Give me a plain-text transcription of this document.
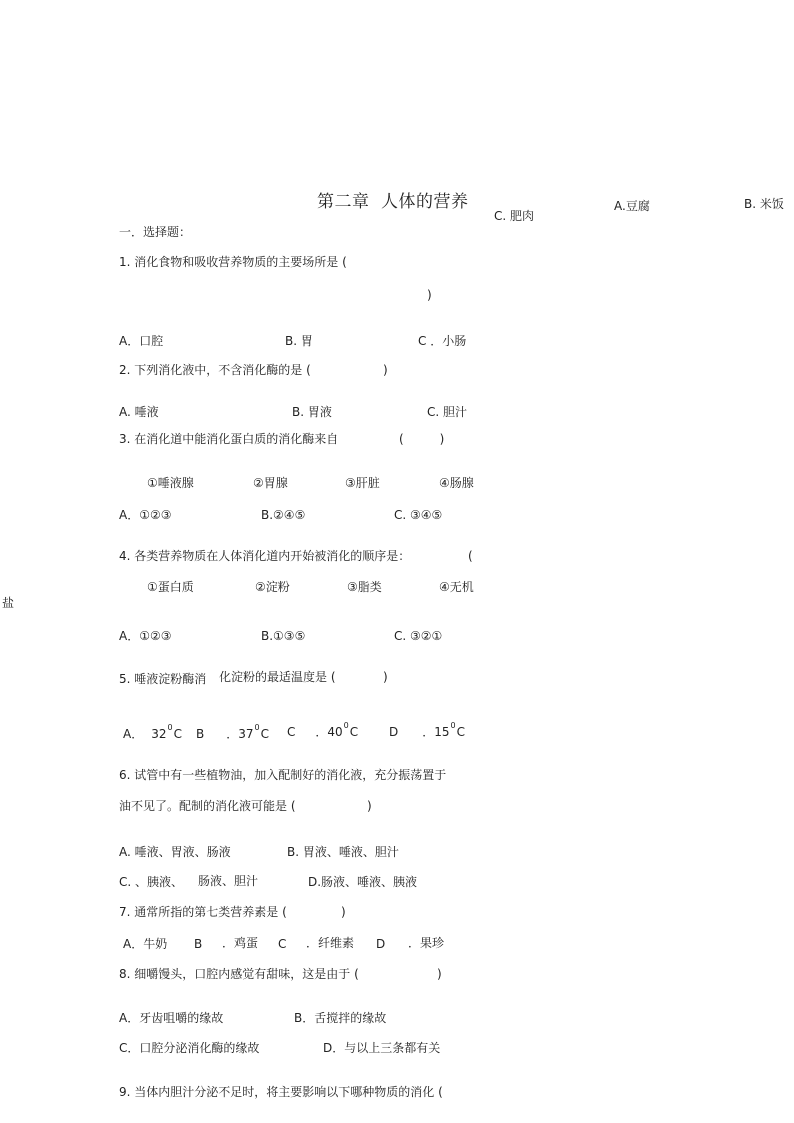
第二章 人体的营养
C. 肥肉
A.豆腐	B. 米饭
一．选择题：
1. 消化食物和吸收营养物质的主要场所是 (
)
A．口腔	B. 胃	C ．小肠
2. 下列消化液中，不含消化酶的是 (	)
A. 唾液	B. 胃液	C. 胆汁
3. 在消化道中能消化蛋白质的消化酶来自	(　　　)
①唾液腺	②胃腺	③肝脏	④肠腺
A．①②③	B.②④⑤	C. ③④⑤
4. 各类营养物质在人体消化道内开始被消化的顺序是：	(
①蛋白质	②淀粉	③脂类	④无机
盐
A．①②③	B.①③⑤	C. ③②①
5. 唾液淀粉酶消 化淀粉的最适温度是 (	)
A． $32^0C$ B ．$37^0C$ C ．$40^0C$	D ．$15^0C$
6. 试管中有一些植物油，加入配制好的消化液，充分振荡置于
油不见了。配制的消化液可能是 (	)
A. 唾液、胃液、肠液	B. 胃液、唾液、胆汁
C. 、胰液、 肠液、胆汁	D.肠液、唾液、胰液
7. 通常所指的第七类营养素是 (	)
A．牛奶 B ．鸡蛋 C ．纤维素 D ．果珍
8. 细嚼馒头，口腔内感觉有甜味，这是由于 (	)
A．牙齿咀嚼的缘故	B．舌搅拌的缘故
C．口腔分泌消化酶的缘故	D．与以上三条都有关
9. 当体内胆汁分泌不足时，将主要影响以下哪种物质的消化 (
